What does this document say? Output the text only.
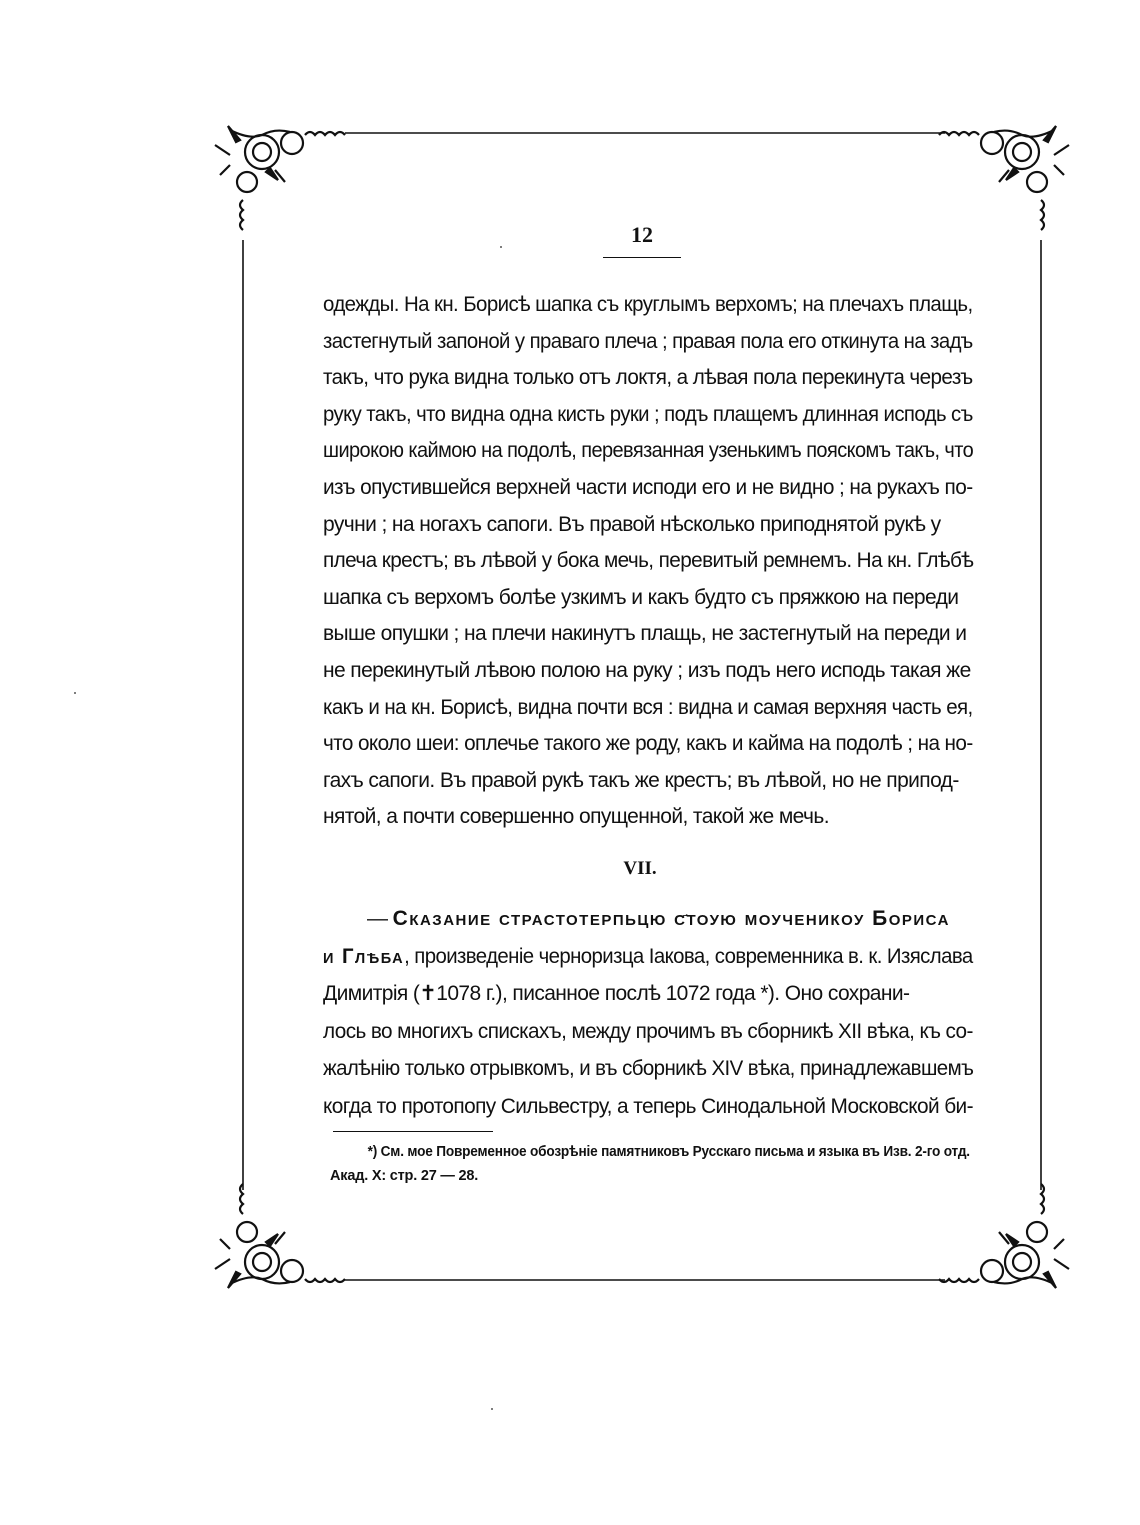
12
одежды. На кн. Борисѣ шапка съ круглымъ верхомъ; на плечахъ плащь,
застегнутый запоной у праваго плеча ; правая пола его откинута на задъ
такъ, что рука видна только отъ локтя, а лѣвая пола перекинута черезъ
руку такъ, что видна одна кисть руки ; подъ плащемъ длинная исподь съ
широкою каймою на подолѣ, перевязанная узенькимъ пояскомъ такъ, что
изъ опустившейся верхней части исподи его и не видно ; на рукахъ по-
ручни ; на ногахъ сапоги. Въ правой нѣсколько приподнятой рукѣ у
плеча крестъ; въ лѣвой у бока мечь, перевитый ремнемъ. На кн. Глѣбѣ
шапка съ верхомъ болѣе узкимъ и какъ будто съ пряжкою на переди
выше опушки ; на плечи накинутъ плащь, не застегнутый на переди и
не перекинутый лѣвою полою на руку ; изъ подъ него исподь такая же
какъ и на кн. Борисѣ, видна почти вся : видна и самая верхняя часть ея,
что около шеи: оплечье такого же роду, какъ и кайма на подолѣ ; на но-
гахъ сапоги. Въ правой рукѣ такъ же крестъ; въ лѣвой, но не припод-
нятой, а почти совершенно опущенной, такой же мечь.
VII.
— Сказание страстотерпьцю с҃тоую моученикоу Бориса
и Глѣба, произведеніе черноризца Іакова, современника в. к. Изяслава
Димитрія (✝1078 г.), писанное послѣ 1072 года *). Оно сохрани-
лось во многихъ спискахъ, между прочимъ въ сборникѣ XII вѣка, къ со-
жалѣнію только отрывкомъ, и въ сборникѣ XIV вѣка, принадлежавшемъ
когда то протопопу Сильвестру, а теперь Синодальной Московской би-
*) См. мое Повременное обозрѣніе памятниковъ Русскаго письма и языка въ Изв. 2-го отд.
Акад. X: стр. 27 — 28.
